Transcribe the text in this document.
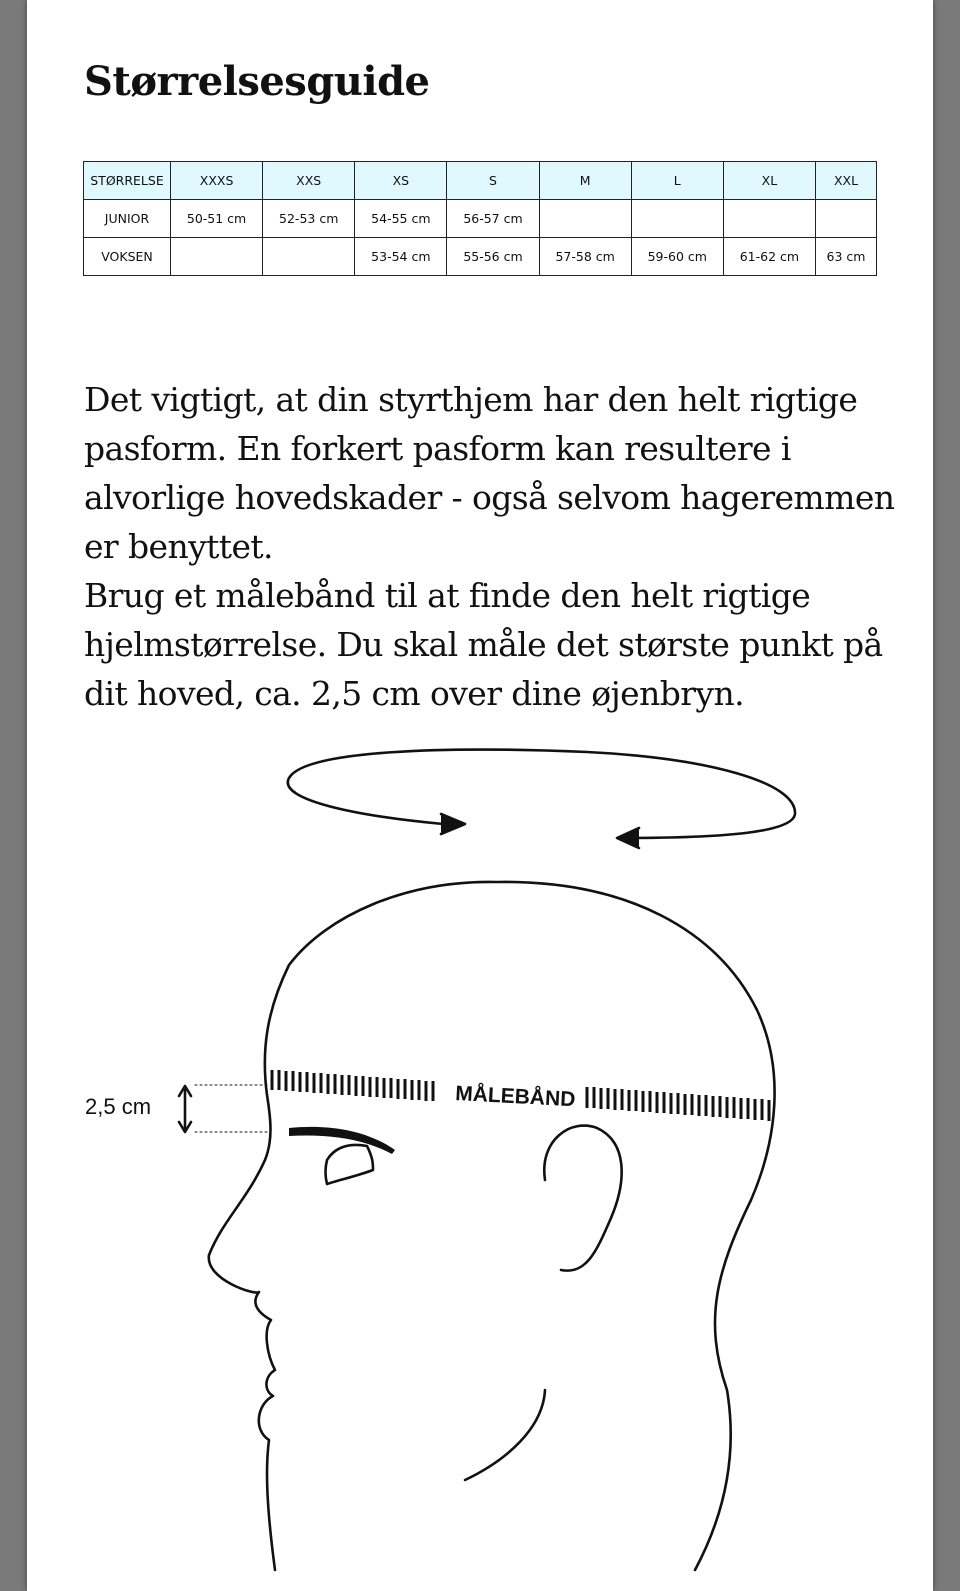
Størrelsesguide
STØRRELSE	XXXS	XXS	XS	S	M	L	XL	XXL
JUNIOR	50-51 cm	52-53 cm	54-55 cm	56-57 cm				
VOKSEN			53-54 cm	55-56 cm	57-58 cm	59-60 cm	61-62 cm	63 cm

Det vigtigt, at din styrthjem har den helt rigtige pasform. En forkert pasform kan resultere i alvorlige hovedskader - også selvom hageremmen er benyttet.

Brug et målebånd til at finde den helt rigtige hjelmstørrelse. Du skal måle det største punkt på dit hoved, ca. 2,5 cm over dine øjenbryn.

MÅLEBÅND
2,5 cm
